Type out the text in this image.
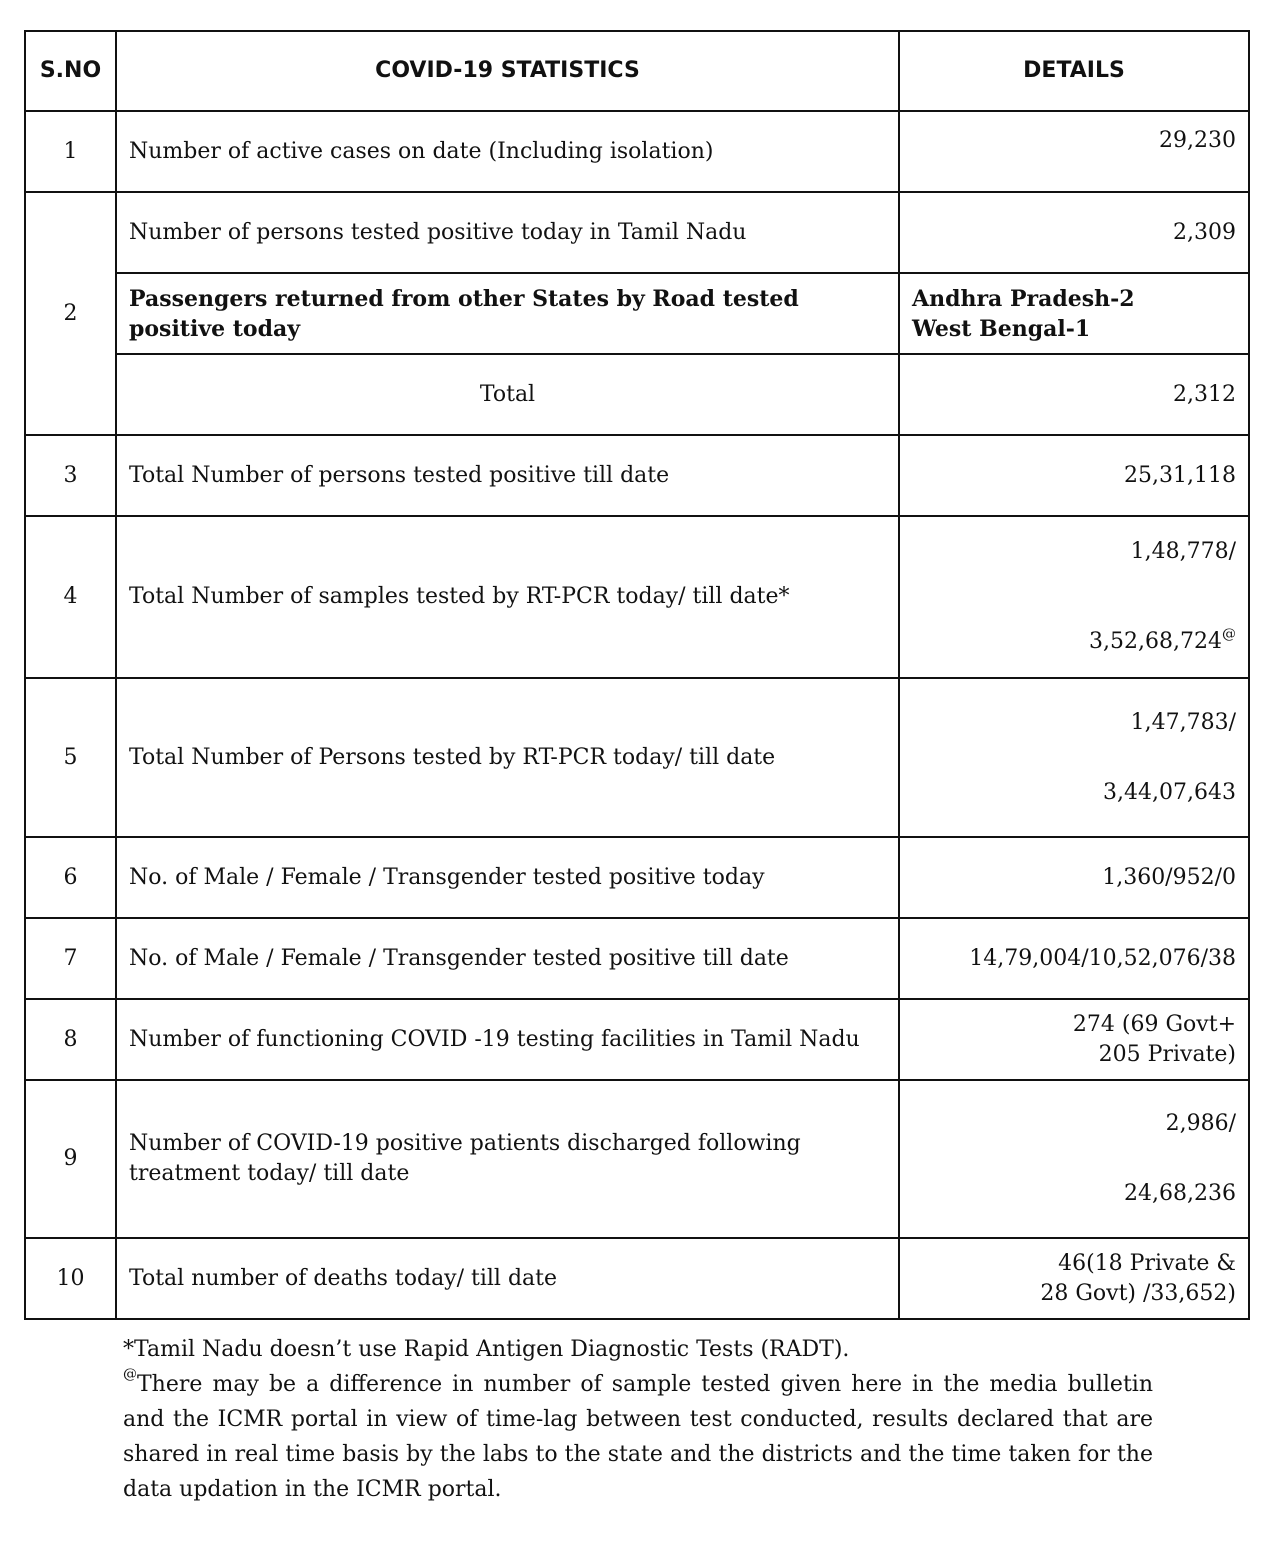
S.NO	COVID-19 STATISTICS	DETAILS
1	Number of active cases on date (Including isolation)	29,230
2	Number of persons tested positive today in Tamil Nadu	2,309
	Passengers returned from other States by Road tested positive today	Andhra Pradesh-2
West Bengal-1

	Total	2,312
3	Total Number of persons tested positive till date	25,31,118
4	Total Number of samples tested by RT-PCR today/ till date*	1,48,778/
3,52,68,724@

5	Total Number of Persons tested by RT-PCR today/ till date	1,47,783/
3,44,07,643

6	No. of Male / Female / Transgender tested positive today	1,360/952/0
7	No. of Male / Female / Transgender tested positive till date	14,79,004/10,52,076/38
8	Number of functioning COVID -19 testing facilities in Tamil Nadu	274 (69 Govt+
205 Private)

9	Number of COVID-19 positive patients discharged following treatment today/ till date	2,986/
24,68,236

10	Total number of deaths today/ till date	46(18 Private &
28 Govt) /33,652)

*Tamil Nadu doesn’t use Rapid Antigen Diagnostic Tests (RADT).

@There may be a difference in number of sample tested given here in the media bulletin and the ICMR portal in view of time-lag between test conducted, results declared that are shared in real time basis by the labs to the state and the districts and the time taken for the data updation in the ICMR portal.
